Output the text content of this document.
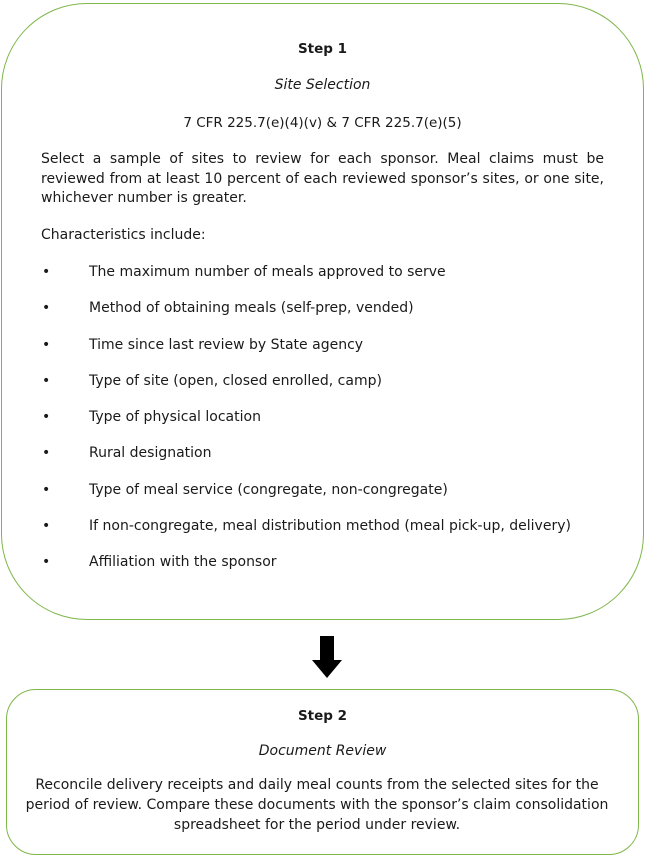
Step 1
Site Selection
7 CFR 225.7(e)(4)(v) & 7 CFR 225.7(e)(5)
Select a sample of sites to review for each sponsor. Meal claims must be reviewed from at least 10 percent of each reviewed sponsor’s sites, or one site, whichever number is greater.
Characteristics include:
•	The maximum number of meals approved to serve
•	Method of obtaining meals (self-prep, vended)
•	Time since last review by State agency
•	Type of site (open, closed enrolled, camp)
•	Type of physical location
•	Rural designation
•	Type of meal service (congregate, non-congregate)
•	If non-congregate, meal distribution method (meal pick-up, delivery)
•	Affiliation with the sponsor
Step 2
Document Review
Reconcile delivery receipts and daily meal counts from the selected sites for the period of review. Compare these documents with the sponsor’s claim consolidation spreadsheet for the period under review.
